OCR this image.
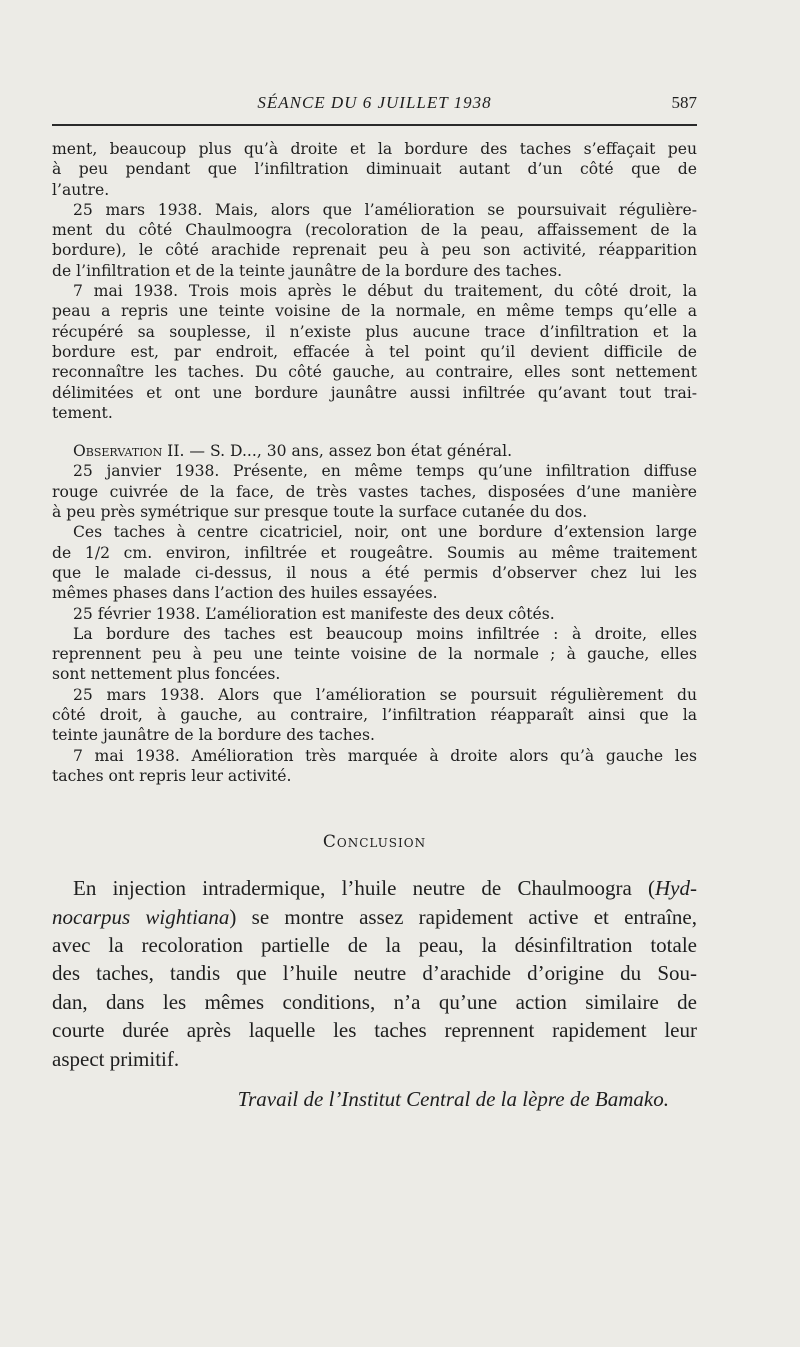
SÉANCE DU 6 JUILLET 1938	587

ment, beaucoup plus qu’à droite et la bordure des taches s’effaçait peu

à peu pendant que l’infiltration diminuait autant d’un côté que de

l’autre.

25 mars 1938. Mais, alors que l’amélioration se poursuivait régulière-

ment du côté Chaulmoogra (recoloration de la peau, affaissement de la

bordure), le côté arachide reprenait peu à peu son activité, réapparition

de l’infiltration et de la teinte jaunâtre de la bordure des taches.

7 mai 1938. Trois mois après le début du traitement, du côté droit, la

peau a repris une teinte voisine de la normale, en même temps qu’elle a

récupéré sa souplesse, il n’existe plus aucune trace d’infiltration et la

bordure est, par endroit, effacée à tel point qu’il devient difficile de

reconnaître les taches. Du côté gauche, au contraire, elles sont nettement

délimitées et ont une bordure jaunâtre aussi infiltrée qu’avant tout trai-

tement.

Observation II. — S. D..., 30 ans, assez bon état général.

25 janvier 1938. Présente, en même temps qu’une infiltration diffuse

rouge cuivrée de la face, de très vastes taches, disposées d’une manière

à peu près symétrique sur presque toute la surface cutanée du dos.

Ces taches à centre cicatriciel, noir, ont une bordure d’extension large

de 1/2 cm. environ, infiltrée et rougeâtre. Soumis au même traitement

que le malade ci-dessus, il nous a été permis d’observer chez lui les

mêmes phases dans l’action des huiles essayées.

25 février 1938. L’amélioration est manifeste des deux côtés.

La bordure des taches est beaucoup moins infiltrée : à droite, elles

reprennent peu à peu une teinte voisine de la normale ; à gauche, elles

sont nettement plus foncées.

25 mars 1938. Alors que l’amélioration se poursuit régulièrement du

côté droit, à gauche, au contraire, l’infiltration réapparaît ainsi que la

teinte jaunâtre de la bordure des taches.

7 mai 1938. Amélioration très marquée à droite alors qu’à gauche les

taches ont repris leur activité.

Conclusion

En injection intradermique, l’huile neutre de Chaulmoogra (Hyd-

nocarpus wightiana) se montre assez rapidement active et entraîne,

avec la recoloration partielle de la peau, la désinfiltration totale

des taches, tandis que l’huile neutre d’arachide d’origine du Sou-

dan, dans les mêmes conditions, n’a qu’une action similaire de

courte durée après laquelle les taches reprennent rapidement leur

aspect primitif.

Travail de l’Institut Central de la lèpre de Bamako.
